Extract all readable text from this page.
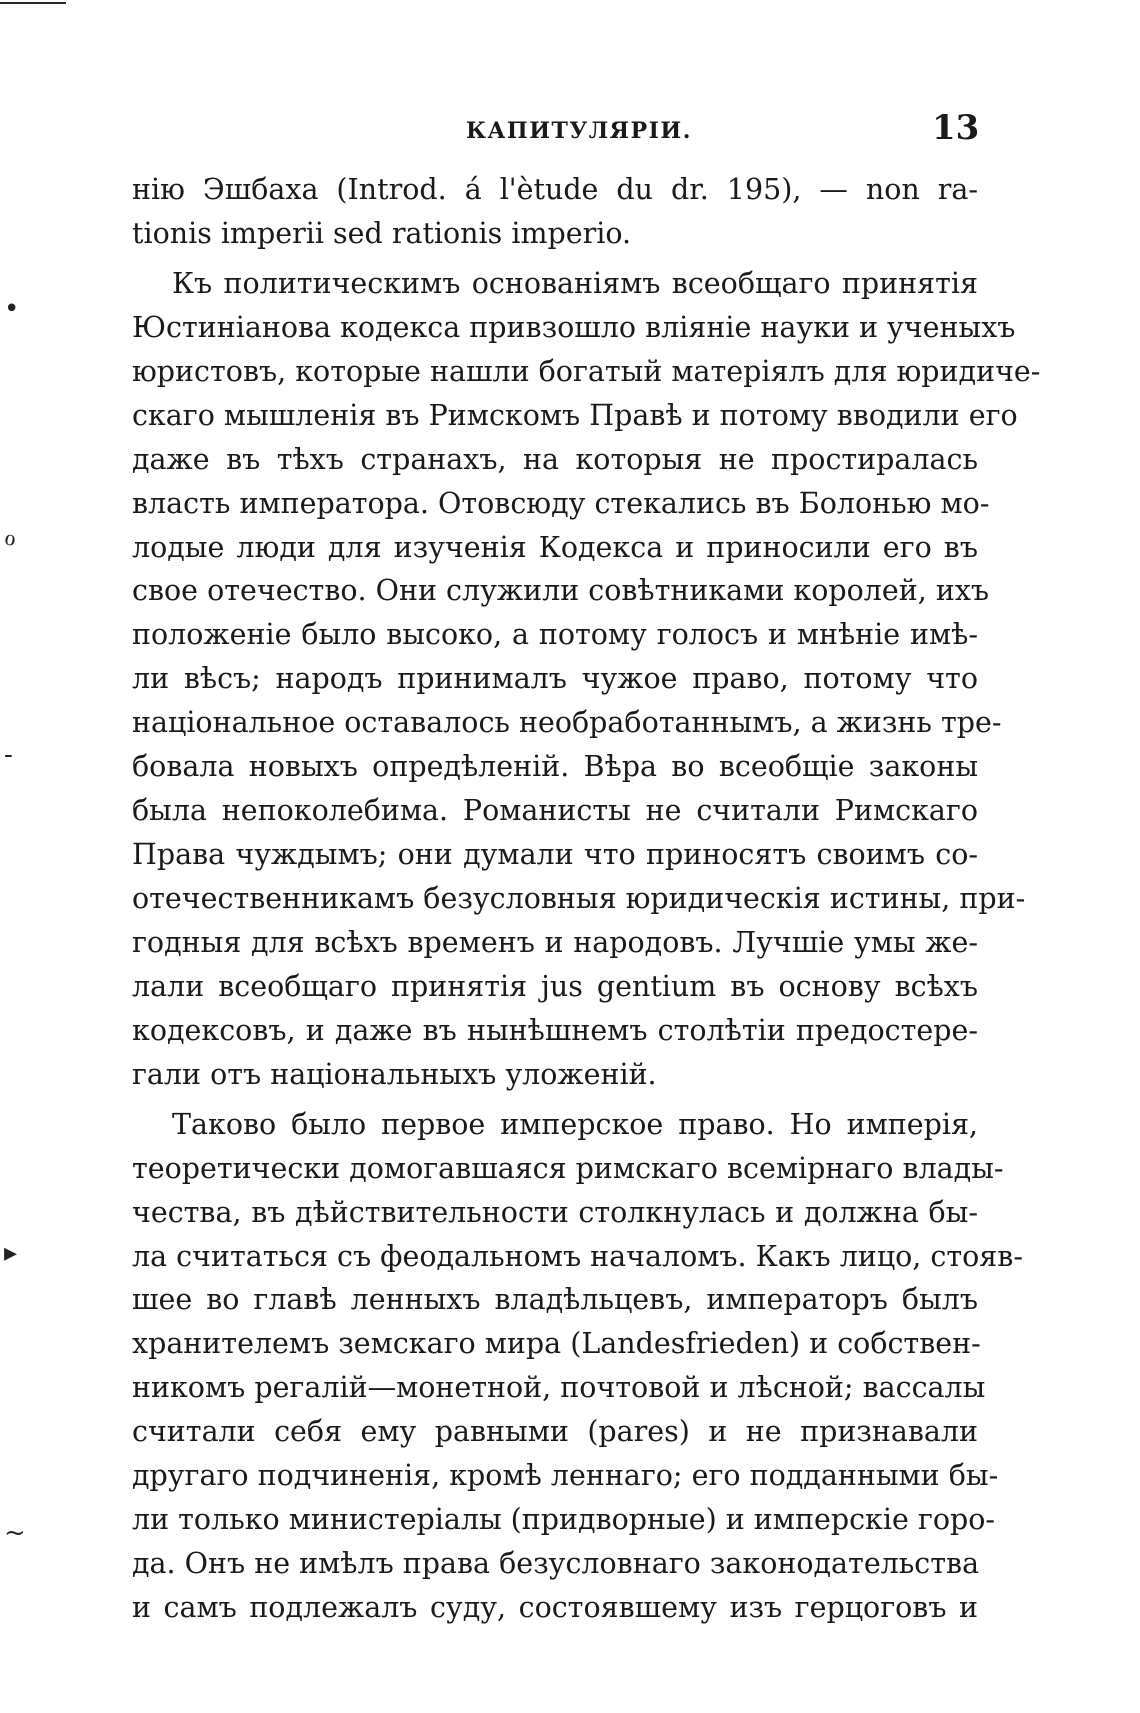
КАПИТУЛЯРІИ.	13
•
ℴ
-
▸
~
нію Эшбаха (Introd. á l'ètude du dr. 195), — non ra-
tionis imperii sed rationis imperio.
Къ политическимъ основаніямъ всеобщаго принятія
Юстиніанова кодекса привзошло вліяніе науки и ученыхъ
юристовъ, которые нашли богатый матеріялъ для юридиче-
скаго мышленія въ Римскомъ Правѣ и потому вводили его
даже въ тѣхъ странахъ, на которыя не простиралась
власть императора. Отовсюду стекались въ Болонью мо-
лодые люди для изученія Кодекса и приносили его въ
свое отечество. Они служили совѣтниками королей, ихъ
положеніе было высоко, а потому голосъ и мнѣніе имѣ-
ли вѣсъ; народъ принималъ чужое право, потому что
національное оставалось необработаннымъ, а жизнь тре-
бовала новыхъ опредѣленій. Вѣра во всеобщіе законы
была непоколебима. Романисты не считали Римскаго
Права чуждымъ; они думали что приносятъ своимъ со-
отечественникамъ безусловныя юридическія истины, при-
годныя для всѣхъ временъ и народовъ. Лучшіе умы же-
лали всеобщаго принятія jus gentium въ основу всѣхъ
кодексовъ, и даже въ нынѣшнемъ столѣтіи предостере-
гали отъ національныхъ уложеній.
Таково было первое имперское право. Но имперія,
теоретически домогавшаяся римскаго всемірнаго влады-
чества, въ дѣйствительности столкнулась и должна бы-
ла считаться съ феодальномъ началомъ. Какъ лицо, стояв-
шее во главѣ ленныхъ владѣльцевъ, императоръ былъ
хранителемъ земскаго мира (Landesfrieden) и собствен-
никомъ регалій—монетной, почтовой и лѣсной; вассалы
считали себя ему равными (pares) и не признавали
другаго подчиненія, кромѣ леннаго; его подданными бы-
ли только министеріалы (придворные) и имперскіе горо-
да. Онъ не имѣлъ права безусловнаго законодательства
и самъ подлежалъ суду, состоявшему изъ герцоговъ и
